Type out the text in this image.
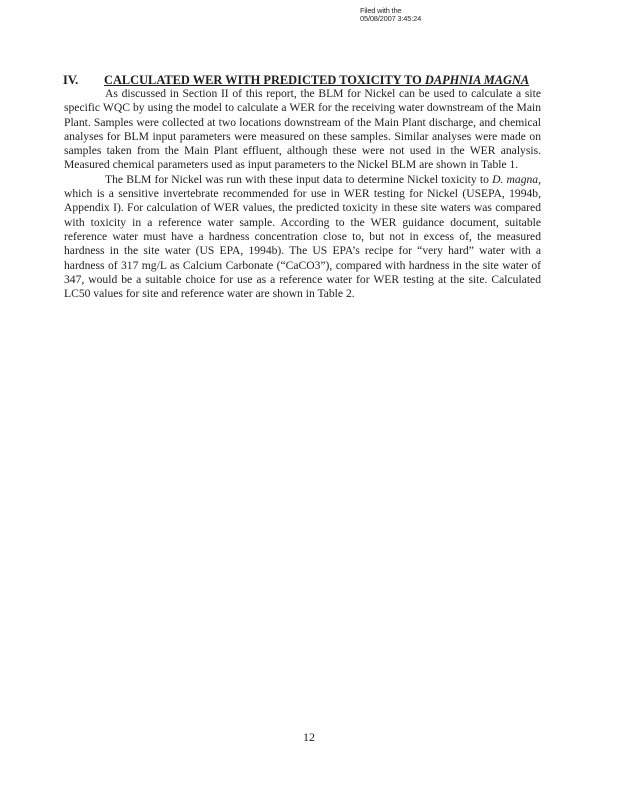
Filed with the
05/08/2007 3:45:24
IV. CALCULATED WER WITH PREDICTED TOXICITY TO DAPHNIA MAGNA

As discussed in Section II of this report, the BLM for Nickel can be used to calculate a site specific WQC by using the model to calculate a WER for the receiving water downstream of the Main Plant. Samples were collected at two locations downstream of the Main Plant discharge, and chemical analyses for BLM input parameters were measured on these samples. Similar analyses were made on samples taken from the Main Plant effluent, although these were not used in the WER analysis. Measured chemical parameters used as input parameters to the Nickel BLM are shown in Table 1.

The BLM for Nickel was run with these input data to determine Nickel toxicity to D. magna, which is a sensitive invertebrate recommended for use in WER testing for Nickel (USEPA, 1994b, Appendix I). For calculation of WER values, the predicted toxicity in these site waters was compared with toxicity in a reference water sample. According to the WER guidance document, suitable reference water must have a hardness concentration close to, but not in excess of, the measured hardness in the site water (US EPA, 1994b). The US EPA’s recipe for “very hard” water with a hardness of 317 mg/L as Calcium Carbonate (“CaCO3”), compared with hardness in the site water of 347, would be a suitable choice for use as a reference water for WER testing at the site. Calculated LC50 values for site and reference water are shown in Table 2.

12
